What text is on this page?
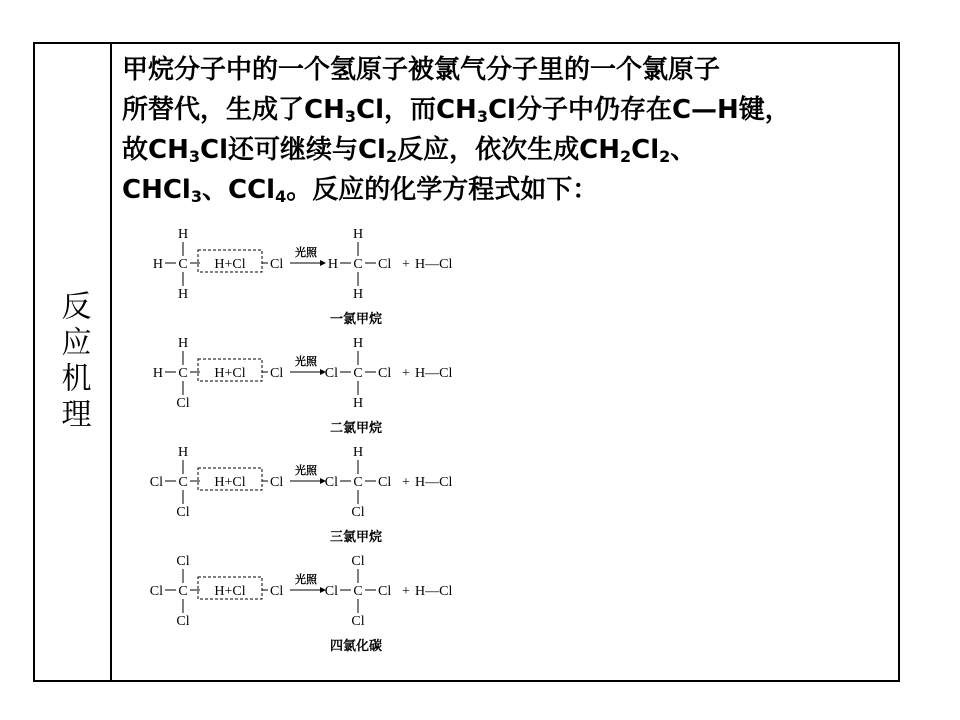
反应机理

甲烷分子中的一个氢原子被氯气分子里的一个氯原子
所替代，生成了$CH_3Cl$，而$CH_3Cl$分子中仍存在C—H键，
故$CH_3Cl$还可继续与$Cl_2$反应，依次生成$CH_2Cl_2$、
CHCl$_3$、CCl$_4$。反应的化学方程式如下：

C
H
H
H	H+Cl Cl
光照
C
H
H
H	Cl + H—Cl
一氯甲烷
C
H
Cl
H	H+Cl Cl
光照
C
H
H
Cl	Cl + H—Cl
二氯甲烷
C
H
Cl
Cl	H+Cl Cl
光照
C
H
Cl
Cl	Cl + H—Cl
三氯甲烷
C
Cl
Cl
Cl	H+Cl Cl
光照
C
Cl
Cl
Cl	Cl + H—Cl
四氯化碳
